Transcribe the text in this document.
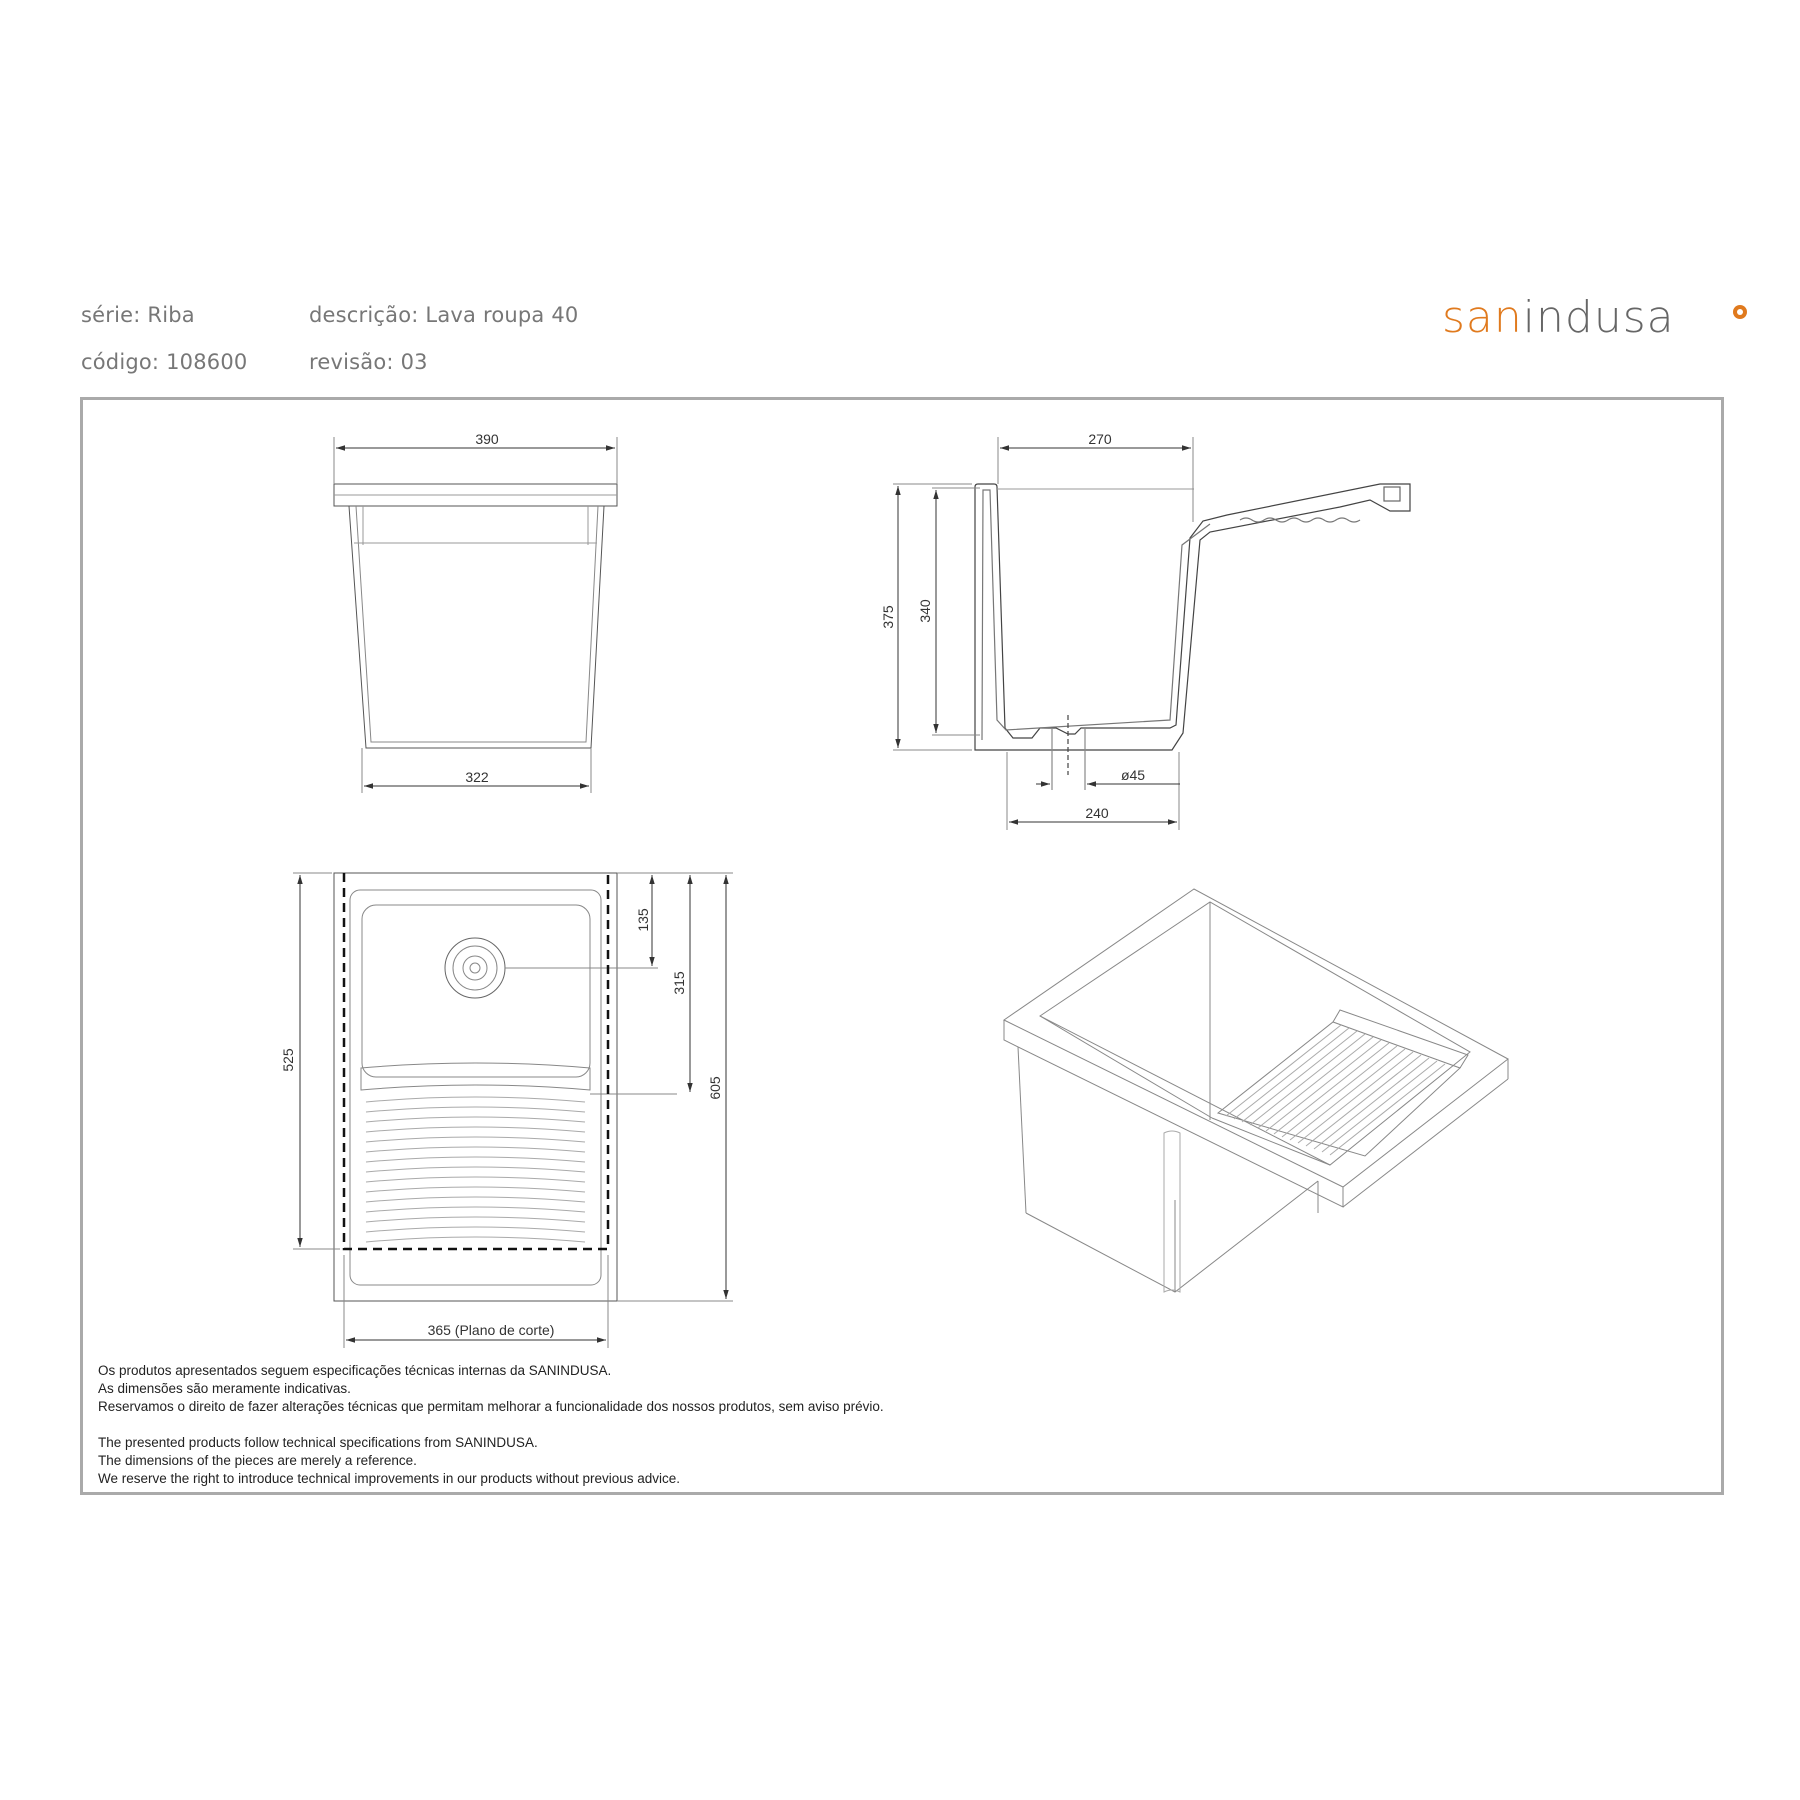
série: Riba	descrição: Lava roupa 40
código: 108600	revisão: 03
sanindusa
390
322
270
375 340
ø45
240
525
135
315
605
365 (Plano de corte)
Os produtos apresentados seguem especificações técnicas internas da SANINDUSA.
As dimensões são meramente indicativas.
Reservamos o direito de fazer alterações técnicas que permitam melhorar a funcionalidade dos nossos produtos, sem aviso prévio.
The presented products follow technical specifications from SANINDUSA.
The dimensions of the pieces are merely a reference.
We reserve the right to introduce technical improvements in our products without previous advice.
